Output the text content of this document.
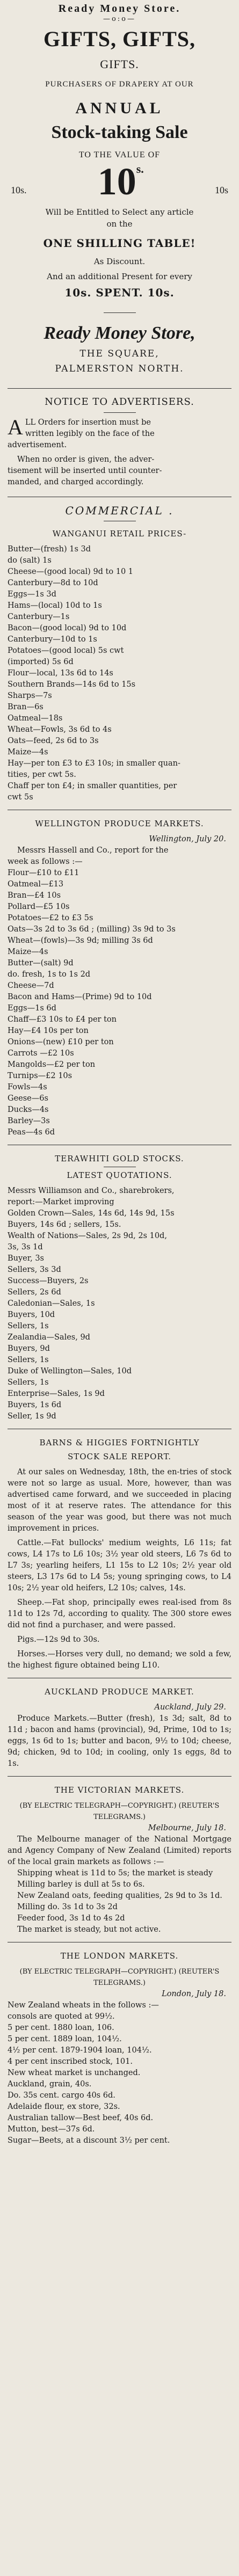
Ready Money Store.
—o:o—
GIFTS, GIFTS,
GIFTS.
PURCHASERS OF DRAPERY AT OUR
ANNUAL
Stock-taking Sale
TO THE VALUE OF
10s. $10^{s.}$
10s
Will be Entitled to Select any article
on the
ONE SHILLING TABLE!
As Discount.
And an additional Present for every
10s. SPENT. 10s.
Ready Money Store,
THE SQUARE,
PALMERSTON NORTH.
NOTICE TO ADVERTISERS.
A LL Orders for insertion must be

written legibly on the face of the

advertisement.

When no order is given, the adver-

tisement will be inserted until counter-

manded, and charged accordingly.

COMMERCIAL .
WANGANUI RETAIL PRICES-

Butter—(fresh) 1s 3d

do (salt) 1s

Cheese—(good local) 9d to 10 1

Canterbury—8d to 10d

Eggs—1s 3d

Hams—(local) 10d to 1s

Canterbury—1s

Bacon—(good local) 9d to 10d

Canterbury—10d to 1s

Potatoes—(good local) 5s cwt

(imported) 5s 6d

Flour—local, 13s 6d to 14s

Southern Brands—14s 6d to 15s

Sharps—7s

Bran—6s

Oatmeal—18s

Wheat—Fowls, 3s 6d to 4s

Oats—feed, 2s 6d to 3s

Maize—4s

Hay—per ton £3 to £3 10s; in smaller quan-

tities, per cwt 5s.

Chaff per ton £4; in smaller quantities, per

cwt 5s

WELLINGTON PRODUCE MARKETS.

Wellington, July 20.

Messrs Hassell and Co., report for the

week as follows :—

Flour—£10 to £11

Oatmeal—£13

Bran—£4 10s

Pollard—£5 10s

Potatoes—£2 to £3 5s

Oats—3s 2d to 3s 6d ; (milling) 3s 9d to 3s

Wheat—(fowls)—3s 9d; milling 3s 6d

Maize—4s

Butter—(salt) 9d

do. fresh, 1s to 1s 2d

Cheese—7d

Bacon and Hams—(Prime) 9d to 10d

Eggs—1s 6d

Chaff—£3 10s to £4 per ton

Hay—£4 10s per ton

Onions—(new) £10 per ton

Carrots —£2 10s

Mangolds—£2 per ton

Turnips—£2 10s

Fowls—4s

Geese—6s

Ducks—4s

Barley—3s

Peas—4s 6d

TERAWHITI GOLD STOCKS.
LATEST QUOTATIONS.

Messrs Williamson and Co., sharebrokers,

report:—Market improving

Golden Crown—Sales, 14s 6d, 14s 9d, 15s

Buyers, 14s 6d ; sellers, 15s.

Wealth of Nations—Sales, 2s 9d, 2s 10d,

3s, 3s 1d

Buyer, 3s

Sellers, 3s 3d

Success—Buyers, 2s

Sellers, 2s 6d

Caledonian—Sales, 1s

Buyers, 10d

Sellers, 1s

Zealandia—Sales, 9d

Buyers, 9d

Sellers, 1s

Duke of Wellington—Sales, 10d

Sellers, 1s

Enterprise—Sales, 1s 9d

Buyers, 1s 6d

Seller, 1s 9d

BARNS & HIGGIES FORTNIGHTLY
STOCK SALE REPORT.

At our sales on Wednesday, 18th, the en-tries of stock were not so large as usual. More, however, than was advertised came forward, and we succeeded in placing most of it at reserve rates. The attendance for this season of the year was good, but there was not much improvement in prices.

Cattle.—Fat bullocks' medium weights, L6 11s; fat cows, L4 17s to L6 10s; 3½ year old steers, L6 7s 6d to L7 3s; yearling heifers, L1 15s to L2 10s; 2½ year old steers, L3 17s 6d to L4 5s; young springing cows, to L4 10s; 2½ year old heifers, L2 10s; calves, 14s.

Sheep.—Fat shop, principally ewes real-ised from 8s 11d to 12s 7d, according to quality. The 300 store ewes did not find a purchaser, and were passed.

Pigs.—12s 9d to 30s.

Horses.—Horses very dull, no demand; we sold a few, the highest figure obtained being L10.

AUCKLAND PRODUCE MARKET.

Auckland, July 29.

Produce Markets.—Butter (fresh), 1s 3d; salt, 8d to 11d ; bacon and hams (provincial), 9d, Prime, 10d to 1s; eggs, 1s 6d to 1s; butter and bacon, 9½ to 10d; cheese, 9d; chicken, 9d to 10d; in cooling, only 1s eggs, 8d to 1s.

THE VICTORIAN MARKETS.

(BY ELECTRIC TELEGRAPH—COPYRIGHT.) (REUTER'S TELEGRAMS.)

Melbourne, July 18.

The Melbourne manager of the National Mortgage and Agency Company of New Zealand (Limited) reports of the local grain markets as follows :—

Shipping wheat is 11d to 5s; the market is steady

Milling barley is dull at 5s to 6s.

New Zealand oats, feeding qualities, 2s 9d to 3s 1d.

Milling do. 3s 1d to 3s 2d

Feeder food, 3s 1d to 4s 2d

The market is steady, but not active.

THE LONDON MARKETS.

(BY ELECTRIC TELEGRAPH—COPYRIGHT.) (REUTER'S TELEGRAMS.)

London, July 18.

New Zealand wheats in the follows :—

consols are quoted at 99½.

5 per cent. 1880 loan, 106.

5 per cent. 1889 loan, 104½.

4½ per cent. 1879-1904 loan, 104½.

4 per cent inscribed stock, 101.

New wheat market is unchanged.

Auckland, grain, 40s.

Do. 35s cent. cargo 40s 6d.

Adelaide flour, ex store, 32s.

Australian tallow—Best beef, 40s 6d.

Mutton, best—37s 6d.

Sugar—Beets, at a discount 3½ per cent.
